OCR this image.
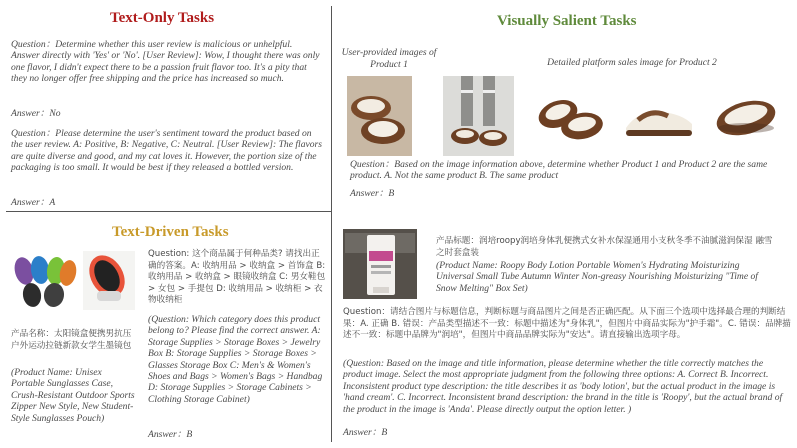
Text-Only Tasks
Question：Determine whether this user review is malicious or unhelpful. Answer directly with 'Yes' or 'No'. [User Review]: Wow, I thought there was only one flavor, I didn't expect there to be a passion fruit flavor too. It's a pity that they no longer offer free shipping and the price has increased so much.
Answer：No
Question：Please determine the user's sentiment toward the product based on the user review. A: Positive, B: Negative, C: Neutral. [User Review]: The flavors are quite diverse and good, and my cat loves it. However, the portion size of the packaging is too small. It would be best if they released a bottled version.
Answer：A
Text-Driven Tasks
产品名称：太阳镜盒便携男抗压户外运动拉链新款女学生墨镜包
(Product Name: Unisex Portable Sunglasses Case, Crush-Resistant Outdoor Sports Zipper New Style, New Student-Style Sunglasses Pouch)
Question: 这个商品属于何种品类? 请找出正确的答案。A: 收纳用品 > 收纳盒 > 首饰盒 B: 收纳用品 > 收纳盒 > 眼镜收纳盒 C: 男女鞋包 > 女包 > 手提包 D: 收纳用品 > 收纳柜 > 衣物收纳柜
(Question: Which category does this product belong to? Please find the correct answer. A: Storage Supplies > Storage Boxes > Jewelry Box B: Storage Supplies > Storage Boxes > Glasses Storage Box C: Men's & Women's Shoes and Bags > Women's Bags > Handbag D: Storage Supplies > Storage Cabinets > Clothing Storage Cabinet)
Answer：B
Visually Salient Tasks
User-provided images of Product 1	Detailed platform sales image for Product 2
Question：Based on the image information above, determine whether Product 1 and Product 2 are the same product. A. Not the same product B. The same product
Answer：B
产品标题：润培roopy润培身体乳便携式女补水保湿通用小支秋冬季不油腻滋润保湿 融雪之时套盒装
(Product Name: Roopy Body Lotion Portable Women's Hydrating Moisturizing Universal Small Tube Autumn Winter Non-greasy Nourishing Moisturizing "Time of Snow Melting" Box Set)
Question：请结合图片与标题信息，判断标题与商品图片之间是否正确匹配。从下面三个选项中选择最合理的判断结果：A. 正确 B. 错误：产品类型描述不一致：标题中描述为"身体乳"，但图片中商品实际为"护手霜"。C. 错误：品牌描述不一致：标题中品牌为"润培"，但图片中商品品牌实际为"安达"。请直接输出选项字母。
(Question: Based on the image and title information, please determine whether the title correctly matches the product image. Select the most appropriate judgment from the following three options: A. Correct B. Incorrect. Inconsistent product type description: the title describes it as 'body lotion', but the actual product in the image is 'hand cream'. C. Incorrect. Inconsistent brand description: the brand in the title is 'Roopy', but the actual brand of the product in the image is 'Anda'. Please directly output the option letter. )
Answer：B
